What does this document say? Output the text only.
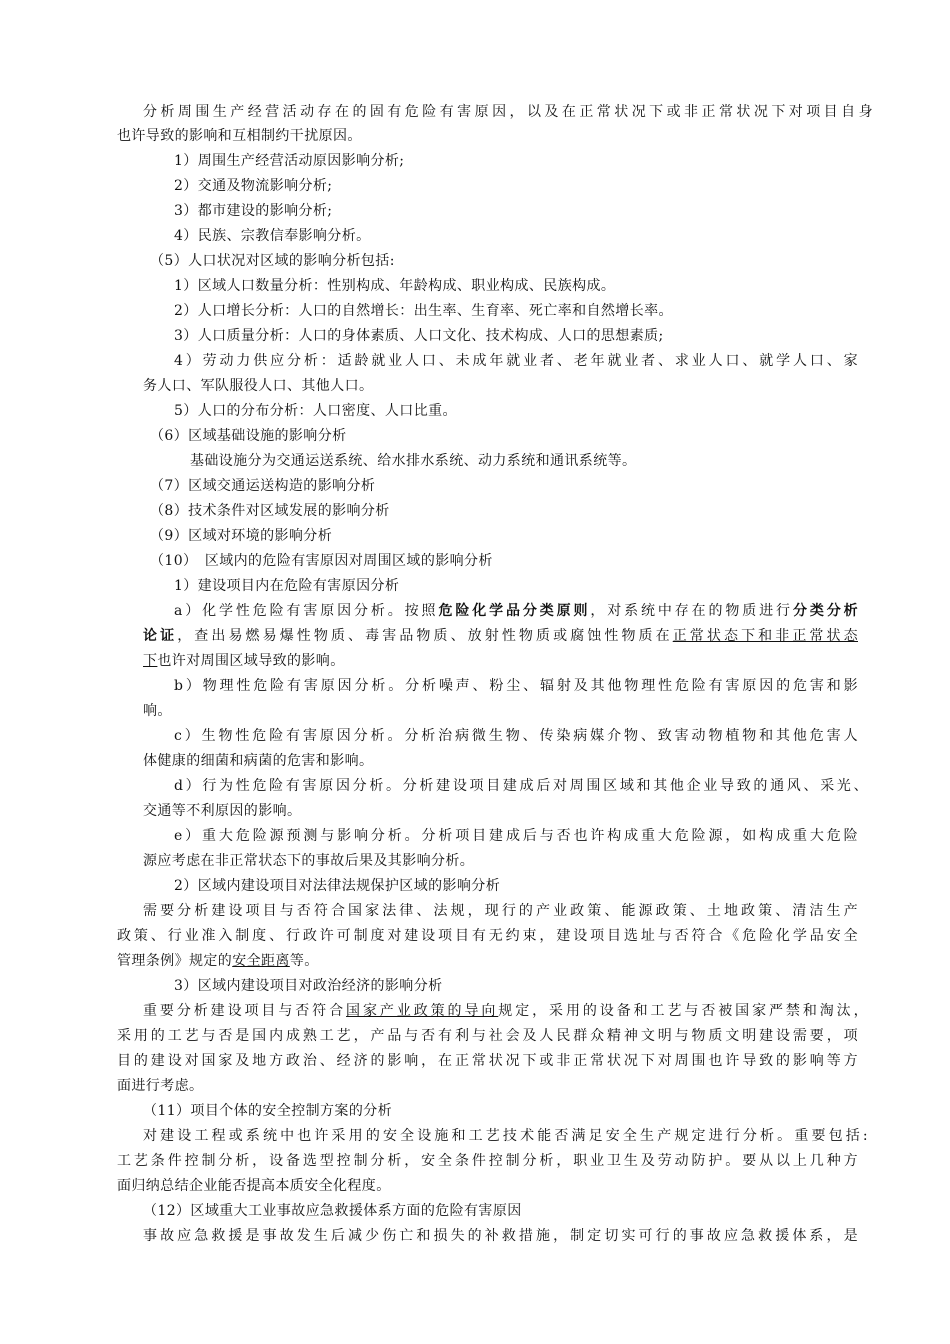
分析周围生产经营活动存在的固有危险有害原因，以及在正常状况下或非正常状况下对项目自身
也许导致的影响和互相制约干扰原因。
1）周围生产经营活动原因影响分析;
2）交通及物流影响分析;
3）都市建设的影响分析;
4）民族、宗教信奉影响分析。
（5）人口状况对区域的影响分析包括:
1）区域人口数量分析：性别构成、年龄构成、职业构成、民族构成。
2）人口增长分析：人口的自然增长：出生率、生育率、死亡率和自然增长率。
3）人口质量分析：人口的身体素质、人口文化、技术构成、人口的思想素质;
4）劳动力供应分析：适龄就业人口、未成年就业者、老年就业者、求业人口、就学人口、家
务人口、军队服役人口、其他人口。
5）人口的分布分析：人口密度、人口比重。
（6）区域基础设施的影响分析
基础设施分为交通运送系统、给水排水系统、动力系统和通讯系统等。
（7）区域交通运送构造的影响分析
（8）技术条件对区域发展的影响分析
（9）区域对环境的影响分析
（10）　区域内的危险有害原因对周围区域的影响分析
1）建设项目内在危险有害原因分析
a）化学性危险有害原因分析。按照危险化学品分类原则，对系统中存在的物质进行分类分析
论证，查出易燃易爆性物质、毒害品物质、放射性物质或腐蚀性物质在正常状态下和非正常状态
下也许对周围区域导致的影响。
b）物理性危险有害原因分析。分析噪声、粉尘、辐射及其他物理性危险有害原因的危害和影
响。
c）生物性危险有害原因分析。分析治病微生物、传染病媒介物、致害动物植物和其他危害人
体健康的细菌和病菌的危害和影响。
d）行为性危险有害原因分析。分析建设项目建成后对周围区域和其他企业导致的通风、采光、
交通等不利原因的影响。
e）重大危险源预测与影响分析。分析项目建成后与否也许构成重大危险源，如构成重大危险
源应考虑在非正常状态下的事故后果及其影响分析。
2）区域内建设项目对法律法规保护区域的影响分析
需要分析建设项目与否符合国家法律、法规，现行的产业政策、能源政策、土地政策、清洁生产
政策、行业准入制度、行政许可制度对建设项目有无约束，建设项目选址与否符合《危险化学品安全
管理条例》规定的安全距离等。
3）区域内建设项目对政治经济的影响分析
重要分析建设项目与否符合国家产业政策的导向规定，采用的设备和工艺与否被国家严禁和淘汰，
采用的工艺与否是国内成熟工艺，产品与否有利与社会及人民群众精神文明与物质文明建设需要，项
目的建设对国家及地方政治、经济的影响，在正常状况下或非正常状况下对周围也许导致的影响等方
面进行考虑。
（11）项目个体的安全控制方案的分析
对建设工程或系统中也许采用的安全设施和工艺技术能否满足安全生产规定进行分析。重要包括:
工艺条件控制分析，设备选型控制分析，安全条件控制分析，职业卫生及劳动防护。要从以上几种方
面归纳总结企业能否提高本质安全化程度。
（12）区域重大工业事故应急救援体系方面的危险有害原因
事故应急救援是事故发生后减少伤亡和损失的补救措施，制定切实可行的事故应急救援体系，是
